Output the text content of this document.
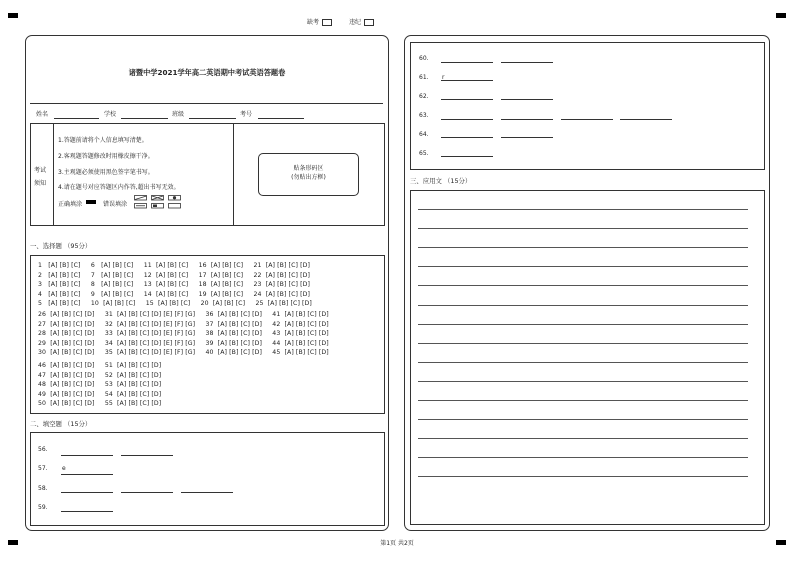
缺考	违纪
诸暨中学2021学年高二英语期中考试英语答题卷
姓名	学校	班级	考号
考试
须知
1.答题前请将个人信息填写清楚。
2.客观题答题修改时用橡皮擦干净。
3.主观题必须使用黑色签字笔书写。
4.请在题号对应答题区内作答,超出书写无效。
正确填涂	错误填涂
贴条形码区
(勿贴出方框)
一、选择题 （95分）
1   [A] [B] [C]     6   [A] [B] [C]     11  [A] [B] [C]     16  [A] [B] [C]     21  [A] [B] [C] [D]
2   [A] [B] [C]     7   [A] [B] [C]     12  [A] [B] [C]     17  [A] [B] [C]     22  [A] [B] [C] [D]
3   [A] [B] [C]     8   [A] [B] [C]     13  [A] [B] [C]     18  [A] [B] [C]     23  [A] [B] [C] [D]
4   [A] [B] [C]     9   [A] [B] [C]     14  [A] [B] [C]     19  [A] [B] [C]     24  [A] [B] [C] [D]
5   [A] [B] [C]     10  [A] [B] [C]     15  [A] [B] [C]     20  [A] [B] [C]     25  [A] [B] [C] [D]
26  [A] [B] [C] [D]     31  [A] [B] [C] [D] [E] [F] [G]     36  [A] [B] [C] [D]     41  [A] [B] [C] [D]
27  [A] [B] [C] [D]     32  [A] [B] [C] [D] [E] [F] [G]     37  [A] [B] [C] [D]     42  [A] [B] [C] [D]
28  [A] [B] [C] [D]     33  [A] [B] [C] [D] [E] [F] [G]     38  [A] [B] [C] [D]     43  [A] [B] [C] [D]
29  [A] [B] [C] [D]     34  [A] [B] [C] [D] [E] [F] [G]     39  [A] [B] [C] [D]     44  [A] [B] [C] [D]
30  [A] [B] [C] [D]     35  [A] [B] [C] [D] [E] [F] [G]     40  [A] [B] [C] [D]     45  [A] [B] [C] [D]
46  [A] [B] [C] [D]     51  [A] [B] [C] [D]
47  [A] [B] [C] [D]     52  [A] [B] [C] [D]
48  [A] [B] [C] [D]     53  [A] [B] [C] [D]
49  [A] [B] [C] [D]     54  [A] [B] [C] [D]
50  [A] [B] [C] [D]     55  [A] [B] [C] [D]
二、填空题 （15分）
56.
57. e
58.
59.
60.
61. r
62.
63.
64.
65.
三、应用文 （15分）
第1页 共2页
